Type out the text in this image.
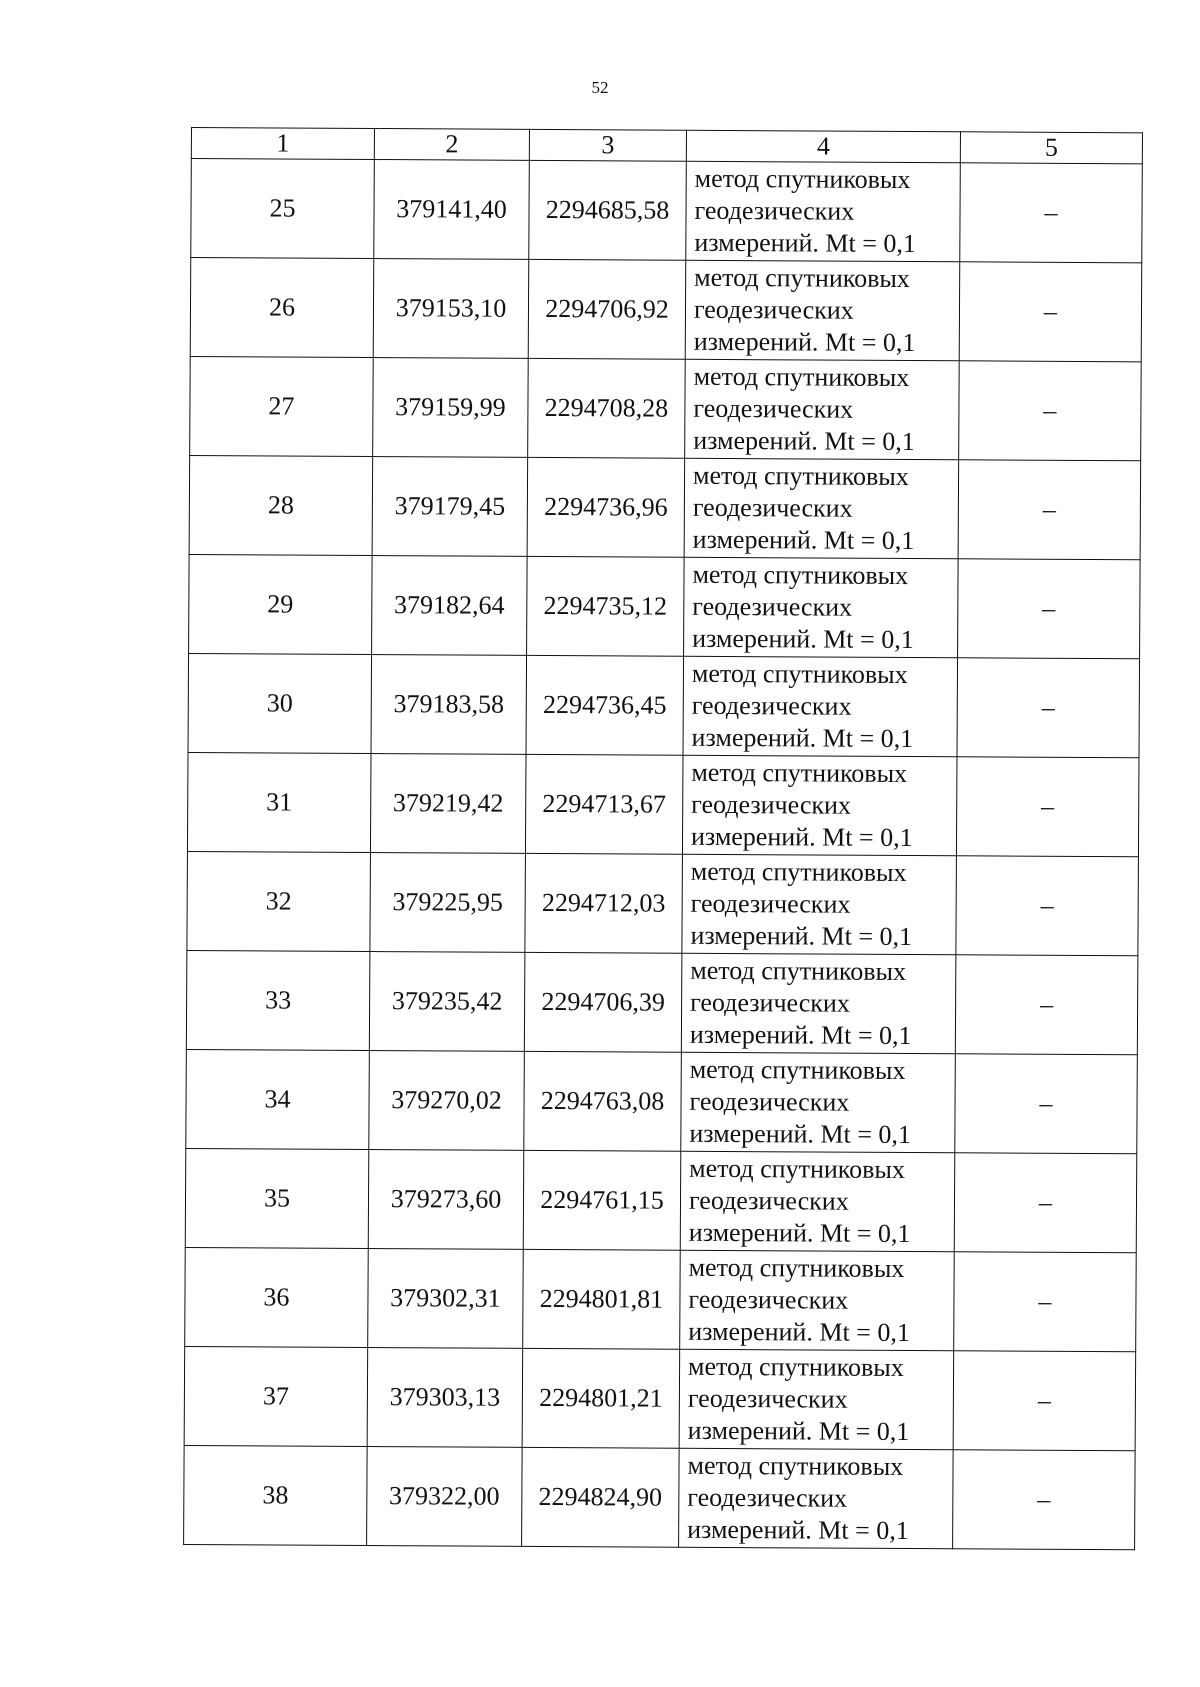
52
1	2	3	4	5
25	379141,40	2294685,58	метод спутниковых
геодезических
измерений. Mt = 0,1	–
26	379153,10	2294706,92	метод спутниковых
геодезических
измерений. Mt = 0,1	–
27	379159,99	2294708,28	метод спутниковых
геодезических
измерений. Mt = 0,1	–
28	379179,45	2294736,96	метод спутниковых
геодезических
измерений. Mt = 0,1	–
29	379182,64	2294735,12	метод спутниковых
геодезических
измерений. Mt = 0,1	–
30	379183,58	2294736,45	метод спутниковых
геодезических
измерений. Mt = 0,1	–
31	379219,42	2294713,67	метод спутниковых
геодезических
измерений. Mt = 0,1	–
32	379225,95	2294712,03	метод спутниковых
геодезических
измерений. Mt = 0,1	–
33	379235,42	2294706,39	метод спутниковых
геодезических
измерений. Mt = 0,1	–
34	379270,02	2294763,08	метод спутниковых
геодезических
измерений. Mt = 0,1	–
35	379273,60	2294761,15	метод спутниковых
геодезических
измерений. Mt = 0,1	–
36	379302,31	2294801,81	метод спутниковых
геодезических
измерений. Mt = 0,1	–
37	379303,13	2294801,21	метод спутниковых
геодезических
измерений. Mt = 0,1	–
38	379322,00	2294824,90	метод спутниковых
геодезических
измерений. Mt = 0,1	–
